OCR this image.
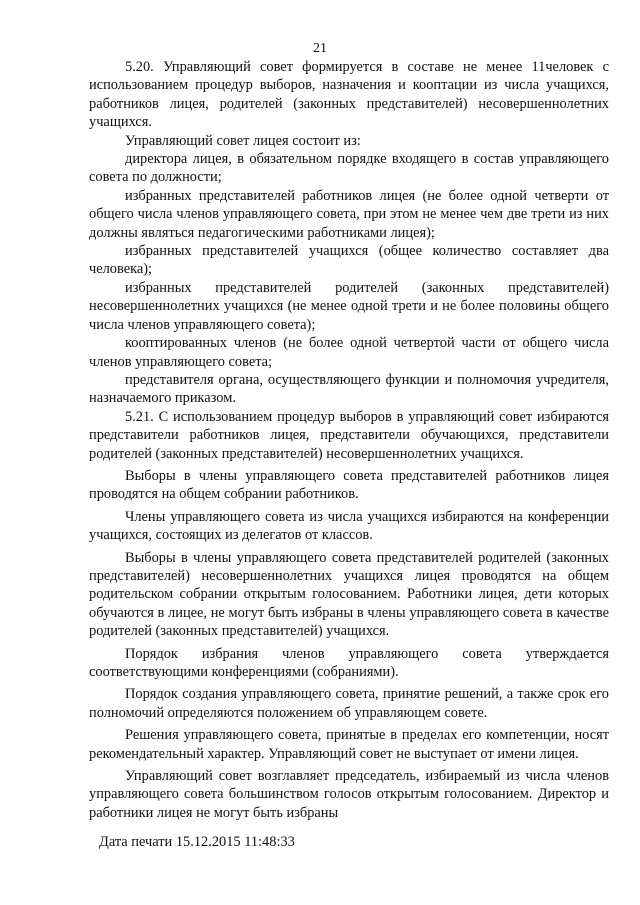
21

5.20. Управляющий совет формируется в составе не менее 11человек с использованием процедур выборов, назначения и кооптации из числа учащихся, работников лицея, родителей (законных представителей) несовершеннолетних учащихся.

Управляющий совет лицея состоит из:

директора лицея, в обязательном порядке входящего в состав управляющего совета по должности;

избранных представителей работников лицея (не более одной четверти от общего числа членов управляющего совета, при этом не менее чем две трети из них должны являться педагогическими работниками лицея);

избранных представителей учащихся (общее количество составляет два человека);

избранных представителей родителей (законных представителей) несовершеннолетних учащихся (не менее одной трети и не более половины общего числа членов управляющего совета);

кооптированных членов (не более одной четвертой части от общего числа членов управляющего совета;

представителя органа, осуществляющего функции и полномочия учредителя, назначаемого приказом.

5.21. С использованием процедур выборов в управляющий совет избираются представители работников лицея, представители обучающихся, представители родителей (законных представителей) несовершеннолетних учащихся.

Выборы в члены управляющего совета представителей работников лицея проводятся на общем собрании работников.

Члены управляющего совета из числа учащихся избираются на конференции учащихся, состоящих из делегатов от классов.

Выборы в члены управляющего совета представителей родителей (законных представителей) несовершеннолетних учащихся лицея проводятся на общем родительском собрании открытым голосованием. Работники лицея, дети которых обучаются в лицее, не могут быть избраны в члены управляющего совета в качестве родителей (законных представителей) учащихся.

Порядок избрания членов управляющего совета утверждается соответствующими конференциями (собраниями).

Порядок создания управляющего совета, принятие решений, а также срок его полномочий определяются положением об управляющем совете.

Решения управляющего совета, принятые в пределах его компетенции, носят рекомендательный характер. Управляющий совет не выступает от имени лицея.

Управляющий совет возглавляет председатель, избираемый из числа членов управляющего совета большинством голосов открытым голосованием. Директор и работники лицея не могут быть избраны

Дата печати 15.12.2015 11:48:33
